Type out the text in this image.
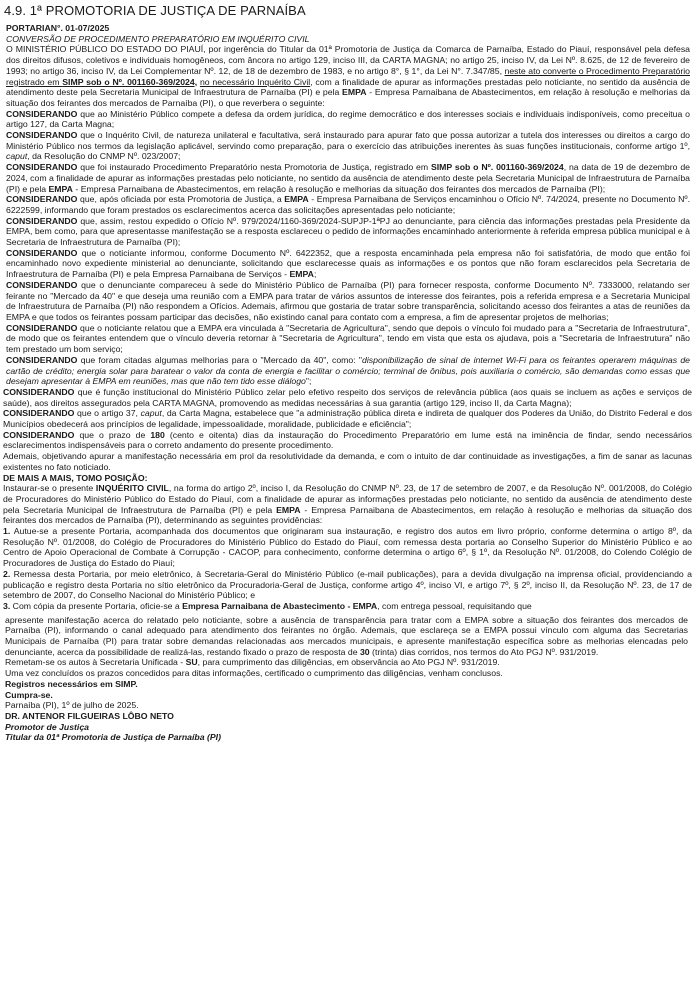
4.9. 1ª PROMOTORIA DE JUSTIÇA DE PARNAÍBA

PORTARIAN°. 01-07/2025

CONVERSÃO DE PROCEDIMENTO PREPARATÓRIO EM INQUÉRITO CIVIL

O MINISTÉRIO PÚBLICO DO ESTADO DO PIAUÍ, por ingerência do Titular da 01ª Promotoria de Justiça da Comarca de Parnaíba, Estado do Piauí, responsável pela defesa dos direitos difusos, coletivos e individuais homogêneos, com âncora no artigo 129, inciso III, da CARTA MAGNA; no artigo 25, inciso IV, da Lei Nº. 8.625, de 12 de fevereiro de 1993; no artigo 36, inciso IV, da Lei Complementar Nº. 12, de 18 de dezembro de 1983, e no artigo 8°, § 1°, da Lei N°. 7.347/85, neste ato converte o Procedimento Preparatório registrado em SIMP sob o Nº. 001160-369/2024, no necessário Inquérito Civil, com a finalidade de apurar as informações prestadas pelo noticiante, no sentido da ausência de atendimento deste pela Secretaria Municipal de Infraestrutura de Parnaíba (PI) e pela EMPA - Empresa Parnaibana de Abastecimentos, em relação à resolução e melhorias da situação dos feirantes dos mercados de Parnaíba (PI), o que reverbera o seguinte:

CONSIDERANDO que ao Ministério Público compete a defesa da ordem jurídica, do regime democrático e dos interesses sociais e individuais indisponíveis, como preceitua o artigo 127, da Carta Magna;

CONSIDERANDO que o Inquérito Civil, de natureza unilateral e facultativa, será instaurado para apurar fato que possa autorizar a tutela dos interesses ou direitos a cargo do Ministério Público nos termos da legislação aplicável, servindo como preparação, para o exercício das atribuições inerentes às suas funções institucionais, conforme artigo 1º, caput, da Resolução do CNMP Nº. 023/2007;

CONSIDERANDO que foi instaurado Procedimento Preparatório nesta Promotoria de Justiça, registrado em SIMP sob o Nº. 001160-369/2024, na data de 19 de dezembro de 2024, com a finalidade de apurar as informações prestadas pelo noticiante, no sentido da ausência de atendimento deste pela Secretaria Municipal de Infraestrutura de Parnaíba (PI) e pela EMPA - Empresa Parnaibana de Abastecimentos, em relação à resolução e melhorias da situação dos feirantes dos mercados de Parnaíba (PI);

CONSIDERANDO que, após oficiada por esta Promotoria de Justiça, a EMPA - Empresa Parnaibana de Serviços encaminhou o Ofício Nº. 74/2024, presente no Documento Nº. 6222599, informando que foram prestados os esclarecimentos acerca das solicitações apresentadas pelo noticiante;

CONSIDERANDO que, assim, restou expedido o Ofício Nº. 979/2024/1160-369/2024-SUPJP-1ªPJ ao denunciante, para ciência das informações prestadas pela Presidente da EMPA, bem como, para que apresentasse manifestação se a resposta esclareceu o pedido de informações encaminhado anteriormente à referida empresa pública municipal e à Secretaria de Infraestrutura de Parnaíba (PI);

CONSIDERANDO que o noticiante informou, conforme Documento Nº. 6422352, que a resposta encaminhada pela empresa não foi satisfatória, de modo que então foi encaminhado novo expediente ministerial ao denunciante, solicitando que esclarecesse quais as informações e os pontos que não foram esclarecidos pela Secretaria de Infraestrutura de Parnaíba (PI) e pela Empresa Parnaibana de Serviços - EMPA;

CONSIDERANDO que o denunciante compareceu à sede do Ministério Público de Parnaíba (PI) para fornecer resposta, conforme Documento Nº. 7333000, relatando ser feirante no "Mercado da 40" e que deseja uma reunião com a EMPA para tratar de vários assuntos de interesse dos feirantes, pois a referida empresa e a Secretaria Municipal de Infraestrutura de Parnaíba (PI) não respondem a Ofícios. Ademais, afirmou que gostaria de tratar sobre transparência, solicitando acesso dos feirantes a atas de reuniões da EMPA e que todos os feirantes possam participar das decisões, não existindo canal para contato com a empresa, a fim de apresentar projetos de melhorias;

CONSIDERANDO que o noticiante relatou que a EMPA era vinculada à "Secretaria de Agricultura", sendo que depois o vínculo foi mudado para a "Secretaria de Infraestrutura", de modo que os feirantes entendem que o vínculo deveria retornar à "Secretaria de Agricultura", tendo em vista que esta os ajudava, pois a "Secretaria de Infraestrutura" não tem prestado um bom serviço;

CONSIDERANDO que foram citadas algumas melhorias para o "Mercado da 40", como: "disponibilização de sinal de internet Wi-Fi para os feirantes operarem máquinas de cartão de crédito; energia solar para baratear o valor da conta de energia e facilitar o comércio; terminal de ônibus, pois auxiliaria o comércio, são demandas como essas que desejam apresentar à EMPA em reuniões, mas que não tem tido esse diálogo";

CONSIDERANDO que é função institucional do Ministério Público zelar pelo efetivo respeito dos serviços de relevância pública (aos quais se incluem as ações e serviços de saúde), aos direitos assegurados pela CARTA MAGNA, promovendo as medidas necessárias à sua garantia (artigo 129, inciso II, da Carta Magna);

CONSIDERANDO que o artigo 37, caput, da Carta Magna, estabelece que "a administração pública direta e indireta de qualquer dos Poderes da União, do Distrito Federal e dos Municípios obedecerá aos princípios de legalidade, impessoalidade, moralidade, publicidade e eficiência";

CONSIDERANDO que o prazo de 180 (cento e oitenta) dias da instauração do Procedimento Preparatório em lume está na iminência de findar, sendo necessários esclarecimentos indispensáveis para o correto andamento do presente procedimento.

Ademais, objetivando apurar a manifestação necessária em prol da resolutividade da demanda, e com o intuito de dar continuidade as investigações, a fim de sanar as lacunas existentes no fato noticiado.

DE MAIS A MAIS, TOMO POSIÇÃO:

Instaurar-se o presente INQUÉRITO CIVIL, na forma do artigo 2º, inciso I, da Resolução do CNMP Nº. 23, de 17 de setembro de 2007, e da Resolução Nº. 001/2008, do Colégio de Procuradores do Ministério Público do Estado do Piauí, com a finalidade de apurar as informações prestadas pelo noticiante, no sentido da ausência de atendimento deste pela Secretaria Municipal de Infraestrutura de Parnaíba (PI) e pela EMPA - Empresa Parnaibana de Abastecimentos, em relação à resolução e melhorias da situação dos feirantes dos mercados de Parnaíba (PI), determinando as seguintes providências:

1. Autue-se a presente Portaria, acompanhada dos documentos que originaram sua instauração, e registro dos autos em livro próprio, conforme determina o artigo 8º, da Resolução Nº. 01/2008, do Colégio de Procuradores do Ministério Público do Estado do Piauí, com remessa desta portaria ao Conselho Superior do Ministério Público e ao Centro de Apoio Operacional de Combate à Corrupção - CACOP, para conhecimento, conforme determina o artigo 6º, § 1º, da Resolução Nº. 01/2008, do Colendo Colégio de Procuradores de Justiça do Estado do Piauí;

2. Remessa desta Portaria, por meio eletrônico, à Secretaria-Geral do Ministério Público (e-mail publicações), para a devida divulgação na imprensa oficial, providenciando a publicação e registro desta Portaria no sítio eletrônico da Procuradoria-Geral de Justiça, conforme artigo 4º, inciso VI, e artigo 7º, § 2º, inciso II, da Resolução Nº. 23, de 17 de setembro de 2007, do Conselho Nacional do Ministério Público; e

3. Com cópia da presente Portaria, oficie-se a Empresa Parnaibana de Abastecimento - EMPA, com entrega pessoal, requisitando que

apresente manifestação acerca do relatado pelo noticiante, sobre a ausência de transparência para tratar com a EMPA sobre a situação dos feirantes dos mercados de Parnaíba (PI), informando o canal adequado para atendimento dos feirantes no órgão. Ademais, que esclareça se a EMPA possui vínculo com alguma das Secretarias Municipais de Parnaíba (PI) para tratar sobre demandas relacionadas aos mercados municipais, e apresente manifestação específica sobre as melhorias elencadas pelo denunciante, acerca da possibilidade de realizá-las, restando fixado o prazo de resposta de 30 (trinta) dias corridos, nos termos do Ato PGJ Nº. 931/2019.

Remetam-se os autos à Secretaria Unificada - SU, para cumprimento das diligências, em observância ao Ato PGJ Nº. 931/2019.

Uma vez concluídos os prazos concedidos para ditas informações, certificado o cumprimento das diligências, venham conclusos.

Registros necessários em SIMP.

Cumpra-se.

Parnaíba (PI), 1º de julho de 2025.

DR. ANTENOR FILGUEIRAS LÔBO NETO

Promotor de Justiça

Titular da 01ª Promotoria de Justiça de Parnaíba (PI)
